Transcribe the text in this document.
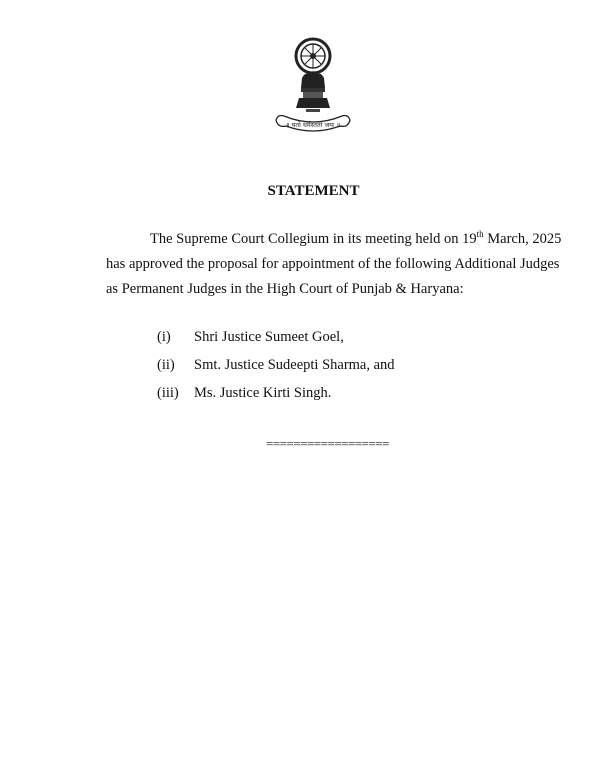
॥ यतो धर्मस्ततो जयः ॥
STATEMENT
The Supreme Court Collegium in its meeting held on 19th March, 2025
has approved the proposal for appointment of the following Additional Judges
as Permanent Judges in the High Court of Punjab & Haryana:
(i)	Shri Justice Sumeet Goel,
(ii)	Smt. Justice Sudeepti Sharma, and
(iii)	Ms. Justice Kirti Singh.
==================
